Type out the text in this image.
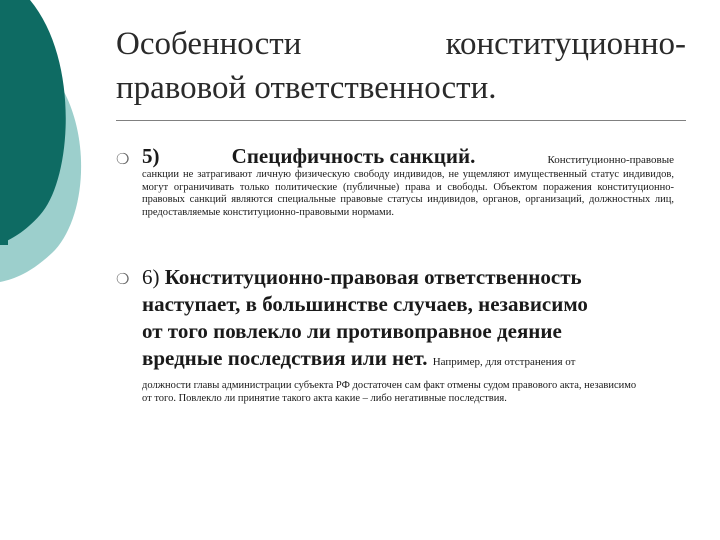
Особенности	конституционно-
правовой ответственности.
❍ 5)	Специфичность санкций.	Конституционно-правовые

санкции не затрагивают личную физическую свободу индивидов, не ущемляют имущественный статус индивидов, могут ограничивать только политические (публичные) права и свободы. Объектом поражения конституционно-правовых санкций являются специальные правовые статусы индивидов, органов, организаций, должностных лиц, предоставляемые конституционно-правовыми нормами.

❍ 6) Конституционно-правовая ответственность
наступает, в большинстве случаев, независимо
от того повлекло ли противоправное деяние
вредные последствия или нет. Например, для отстранения от

должности главы администрации субъекта РФ достаточен сам факт отмены судом правового акта, независимо от того. Повлекло ли принятие такого акта какие – либо негативные последствия.
